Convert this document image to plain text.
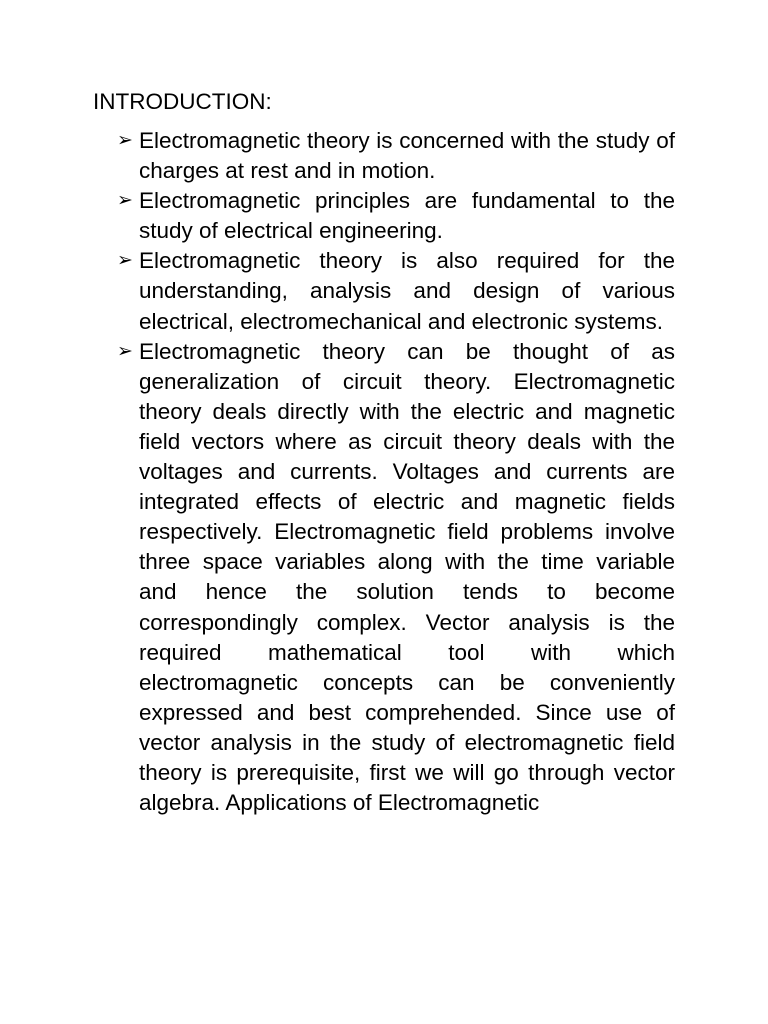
INTRODUCTION:
➢ Electromagnetic theory is concerned with the study of charges at rest and in motion.
➢ Electromagnetic principles are fundamental to the study of electrical engineering.
➢ Electromagnetic theory is also required for the understanding, analysis and design of various electrical, electromechanical and electronic systems.
➢ Electromagnetic theory can be thought of as generalization of circuit theory. Electromagnetic theory deals directly with the electric and magnetic field vectors where as circuit theory deals with the voltages and currents. Voltages and currents are integrated effects of electric and magnetic fields respectively. Electromagnetic field problems involve three space variables along with the time variable and hence the solution tends to become correspondingly complex. Vector analysis is the required mathematical tool with which electromagnetic concepts can be conveniently expressed and best comprehended. Since use of vector analysis in the study of electromagnetic field theory is prerequisite, first we will go through vector algebra. Applications of Electromagnetic
